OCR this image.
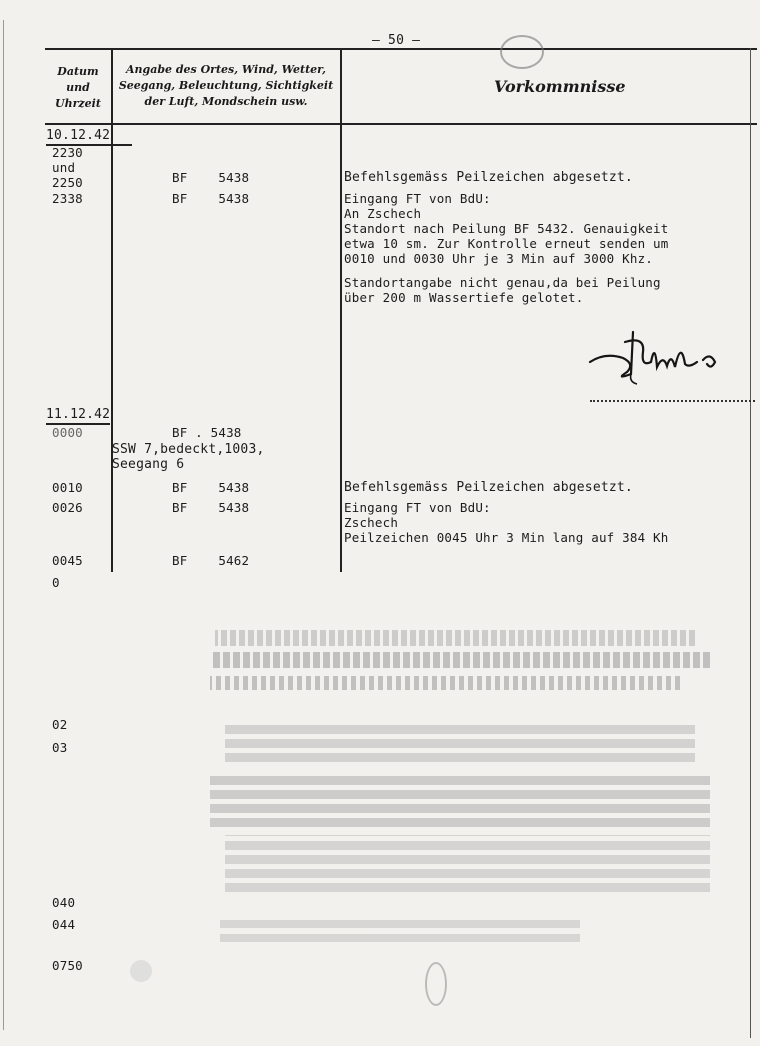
— 50 —
Datum und Uhrzeit
Angabe des Ortes, Wind, Wetter, Seegang, Beleuchtung, Sichtigkeit der Luft, Mondschein usw.
Vorkommnisse
10.12.42
2230
und
2250	BF    5438	Befehlsgemäss Peilzeichen abgesetzt.
2338	BF    5438	Eingang FT von BdU:
An Zschech
Standort nach Peilung BF 5432. Genauigkeit
etwa 10 sm. Zur Kontrolle erneut senden um
0010 und 0030 Uhr je 3 Min auf 3000 Khz.
Standortangabe nicht genau,da bei Peilung
über 200 m Wassertiefe gelotet.
11.12.42
0000	BF . 5438
SSW 7,bedeckt,1003,
Seegang 6
0010	BF    5438	Befehlsgemäss Peilzeichen abgesetzt.
0026	BF    5438	Eingang FT von BdU:
Zschech
Peilzeichen 0045 Uhr 3 Min lang auf 384 Kh
0045	BF    5462
0
02
03
040
044
0750
